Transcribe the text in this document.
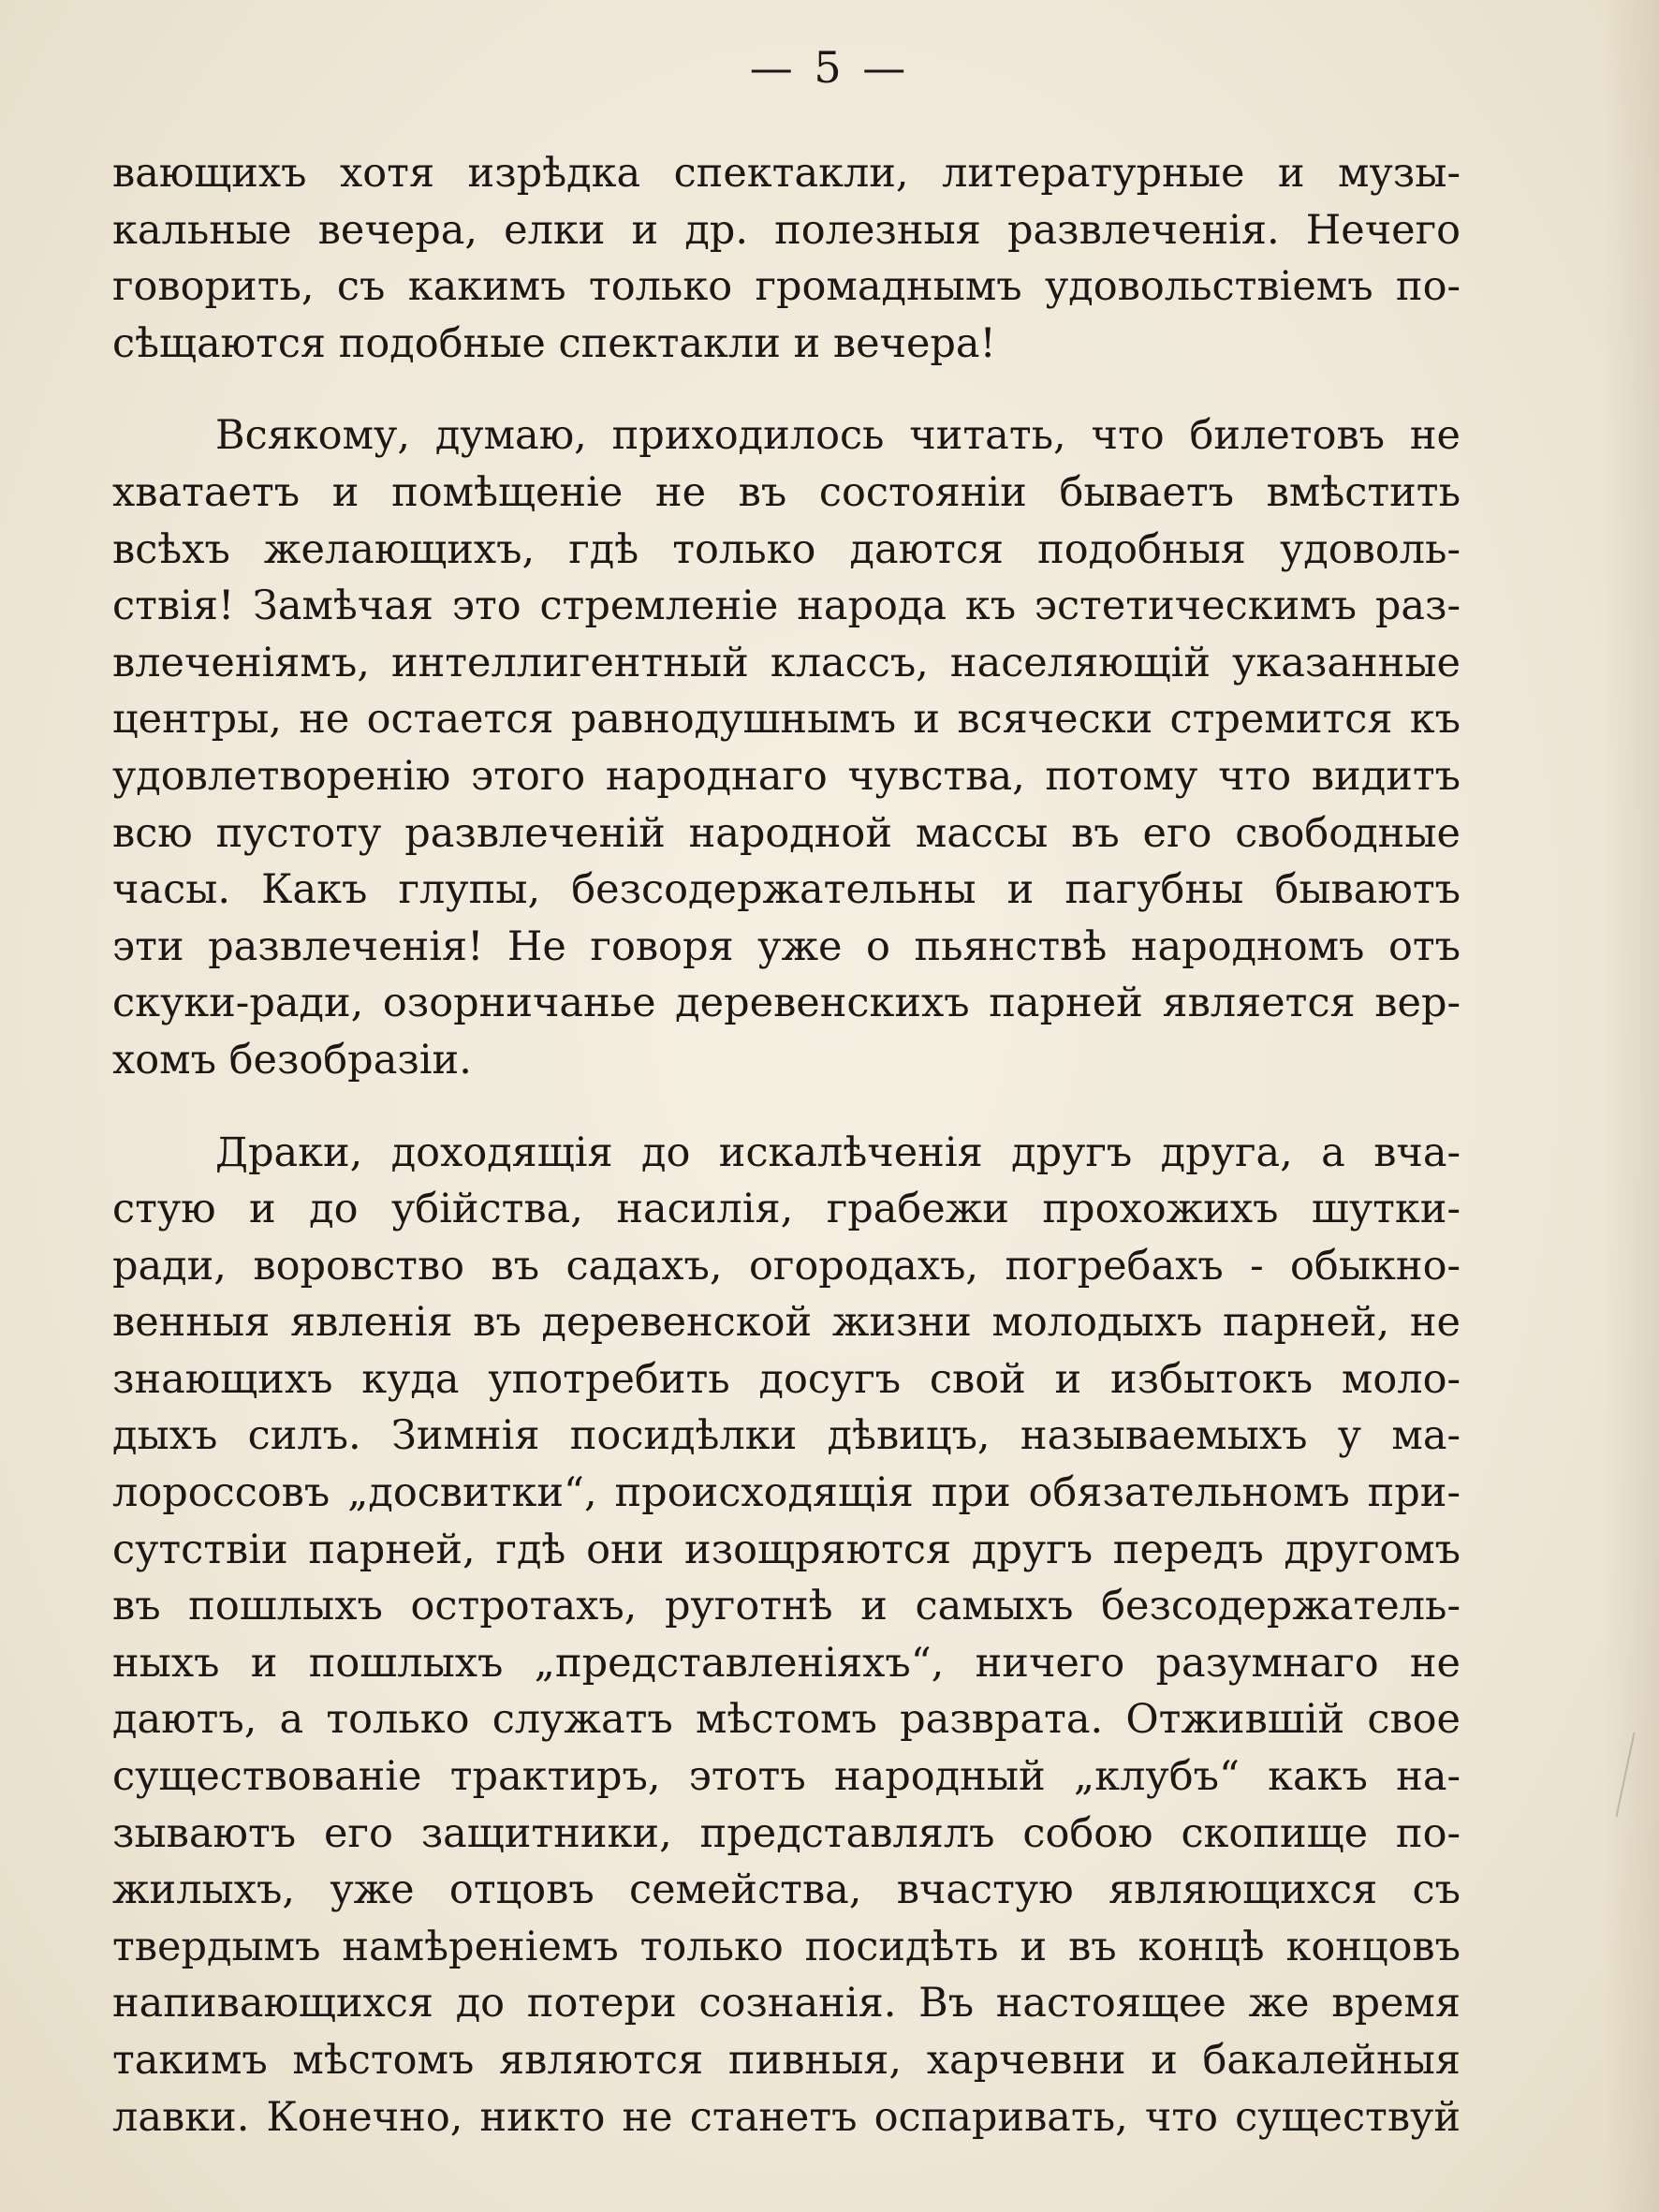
— 5 —
вающихъ хотя изрѣдка спектакли, литературные и музы-
кальные вечера, елки и др. полезныя развлеченія. Нечего
говорить, съ какимъ только громаднымъ удовольствіемъ по-
сѣщаются подобные спектакли и вечера!
Всякому, думаю, приходилось читать, что билетовъ не
хватаетъ и помѣщеніе не въ состояніи бываетъ вмѣстить
всѣхъ желающихъ, гдѣ только даются подобныя удоволь-
ствія! Замѣчая это стремленіе народа къ эстетическимъ раз-
влеченіямъ, интеллигентный классъ, населяющій указанные
центры, не остается равнодушнымъ и всячески стремится къ
удовлетворенію этого народнаго чувства, потому что видитъ
всю пустоту развлеченій народной массы въ его свободные
часы. Какъ глупы, безсодержательны и пагубны бываютъ
эти развлеченія! Не говоря уже о пьянствѣ народномъ отъ
скуки-ради, озорничанье деревенскихъ парней является вер-
хомъ безобразіи.
Драки, доходящія до искалѣченія другъ друга, а вча-
стую и до убійства, насилія, грабежи прохожихъ шутки-
ради, воровство въ садахъ, огородахъ, погребахъ - обыкно-
венныя явленія въ деревенской жизни молодыхъ парней, не
знающихъ куда употребить досугъ свой и избытокъ моло-
дыхъ силъ. Зимнія посидѣлки дѣвицъ, называемыхъ у ма-
лороссовъ „досвитки“, происходящія при обязательномъ при-
сутствіи парней, гдѣ они изощряются другъ передъ другомъ
въ пошлыхъ остротахъ, руготнѣ и самыхъ безсодержатель-
ныхъ и пошлыхъ „представленіяхъ“, ничего разумнаго не
даютъ, а только служатъ мѣстомъ разврата. Отжившій свое
существованіе трактиръ, этотъ народный „клубъ“ какъ на-
зываютъ его защитники, представлялъ собою скопище по-
жилыхъ, уже отцовъ семейства, вчастую являющихся съ
твердымъ намѣреніемъ только посидѣть и въ концѣ концовъ
напивающихся до потери сознанія. Въ настоящее же время
такимъ мѣстомъ являются пивныя, харчевни и бакалейныя
лавки. Конечно, никто не станетъ оспаривать, что существуй
